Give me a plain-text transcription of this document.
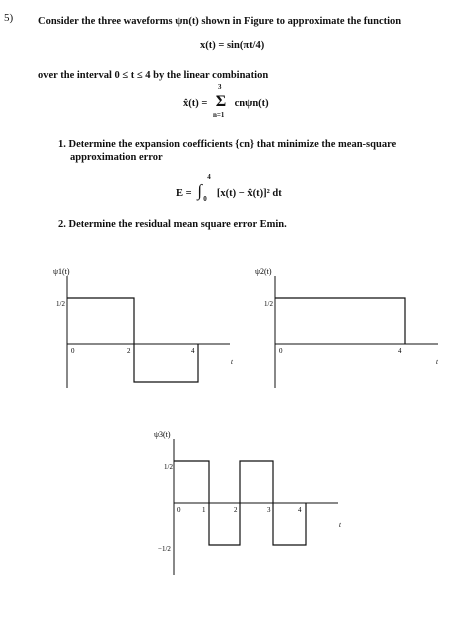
5) Consider the three waveforms ψn(t) shown in Figure to approximate the function
x(t) = sin(πt/4)
over the interval 0 ≤ t ≤ 4 by the linear combination
x̂(t) =
3
Σ
n=1
cnψn(t)
1. Determine the expansion coefficients {cn} that minimize the mean-square
approximation error
E =
4
∫ 0 [x(t) − x̂(t)]² dt
2. Determine the residual mean square error Emin.
ψ1(t)
1/2
0	2	4
t
ψ2(t)
1/2
0	4
t
ψ3(t)
1/2
−1/2
0	1	2	3	4
t
